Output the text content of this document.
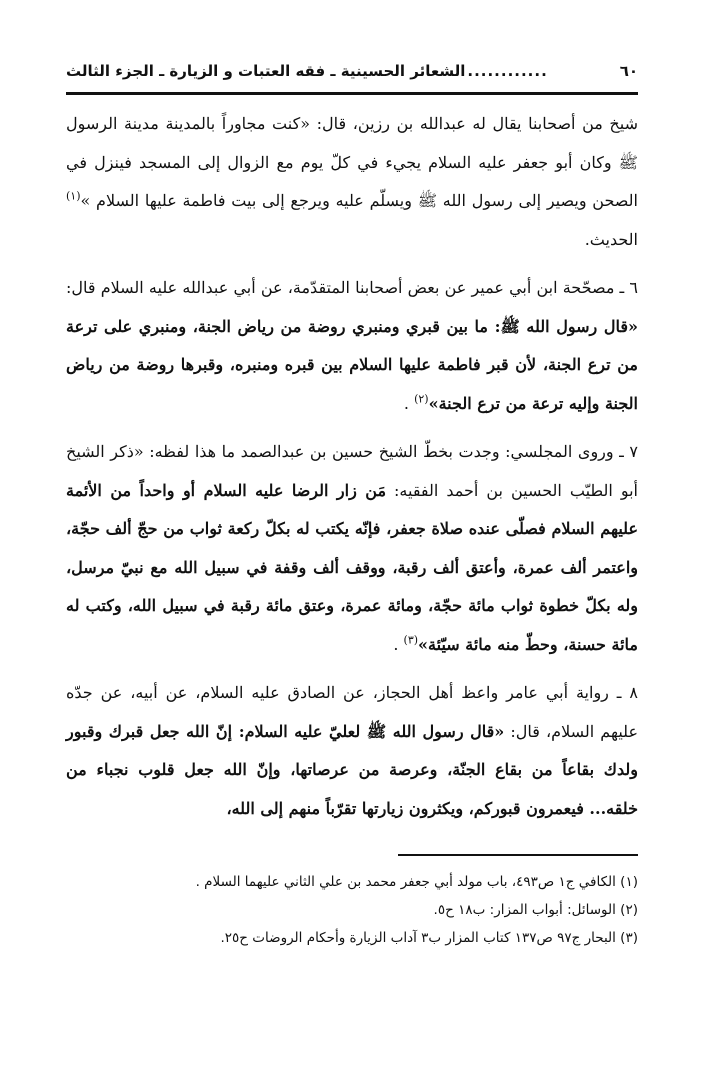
٦٠
............
الشعائر الحسينية ـ فقه العتبات و الزيارة ـ الجزء الثالث

شيخ من أصحابنا يقال له عبدالله بن رزين، قال: «كنت مجاوراً بالمدينة مدينة الرسول ﷺ وكان أبو جعفر عليه السلام يجيء في كلّ يوم مع الزوال إلى المسجد فينزل في الصحن ويصير إلى رسول الله ﷺ ويسلّم عليه ويرجع إلى بيت فاطمة عليها السلام »$^{(١)}$ الحديث.

٦ ـ مصحّحة ابن أبي عمير عن بعض أصحابنا المتقدّمة، عن أبي عبدالله عليه السلام قال: «قال رسول الله ﷺ: ما بين قبري ومنبري روضة من رياض الجنة، ومنبري على ترعة من ترع الجنة، لأن قبر فاطمة عليها السلام بين قبره ومنبره، وقبرها روضة من رياض الجنة وإليه ترعة من ترع الجنة»$^{(٢)}$ .

٧ ـ وروى المجلسي: وجدت بخطّ الشيخ حسين بن عبدالصمد ما هذا لفظه: «ذكر الشيخ أبو الطيّب الحسين بن أحمد الفقيه: مَن زار الرضا عليه السلام أو واحداً من الأئمة عليهم السلام فصلّى عنده صلاة جعفر، فإنّه يكتب له بكلّ ركعة ثواب من حجّ ألف حجّة، واعتمر ألف عمرة، وأعتق ألف رقبة، ووقف ألف وقفة في سبيل الله مع نبيّ مرسل، وله بكلّ خطوة ثواب مائة حجّة، ومائة عمرة، وعتق مائة رقبة في سبيل الله، وكتب له مائة حسنة، وحطّ منه مائة سيّئة»$^{(٣)}$ .

٨ ـ رواية أبي عامر واعظ أهل الحجاز، عن الصادق عليه السلام، عن أبيه، عن جدّه عليهم السلام، قال: «قال رسول الله ﷺ لعليّ عليه السلام: إنّ الله جعل قبرك وقبور ولدك بقاعاً من بقاع الجنّة، وعرصة من عرصاتها، وإنّ الله جعل قلوب نجباء من خلقه... فيعمرون قبوركم، ويكثرون زيارتها تقرّباً منهم إلى الله،

(١) الكافي ج١ ص٤٩٣، باب مولد أبي جعفر محمد بن علي الثاني عليهما السلام .

(٢) الوسائل: أبواب المزار: ب١٨ ح٥.

(٣) البحار ج٩٧ ص١٣٧ كتاب المزار ب٣ آداب الزيارة وأحكام الروضات ح٢٥.
